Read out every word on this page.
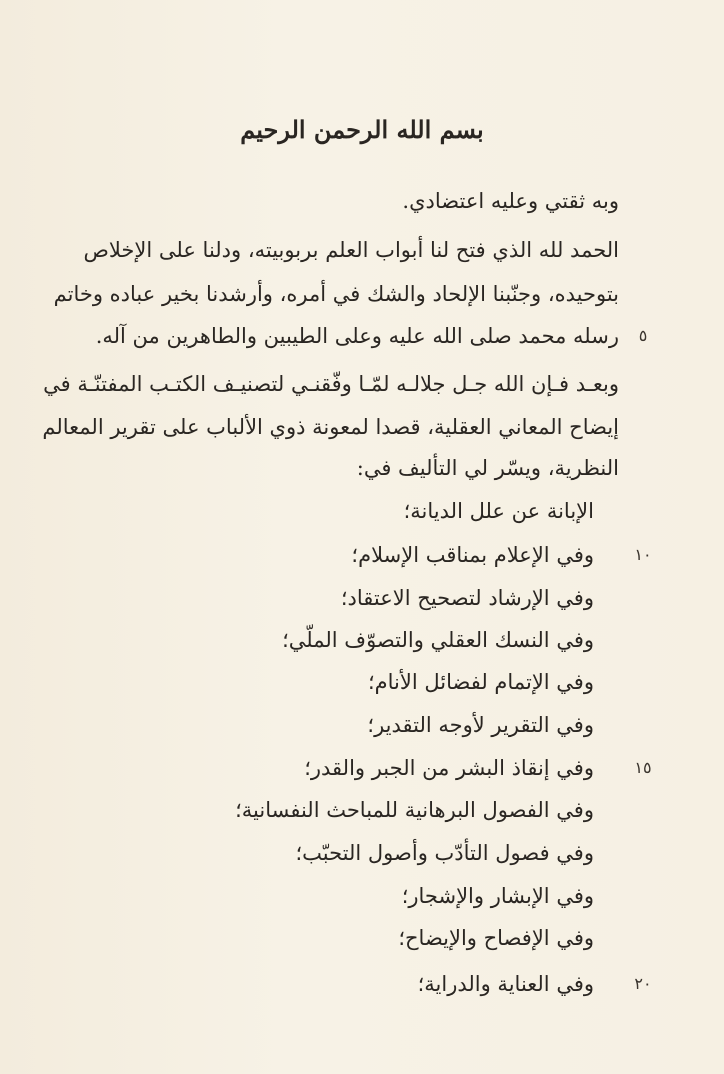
بسم الله الرحمن الرحيم
وبه ثقتي وعليه اعتضادي.
الحمد لله الذي فتح لنا أبواب العلم بربوبيته، ودلنا على الإخلاص
بتوحيده، وجنّبنا الإلحاد والشك في أمره، وأرشدنا بخير عباده وخاتم
رسله محمد صلى الله عليه وعلى الطيبين والطاهرين من آله.
وبعـد فـإن الله جـل جلالـه لمّـا وفّقنـي لتصنيـف الكتـب المفتنّـة في
إيضاح المعاني العقلية، قصدا لمعونة ذوي الألباب على تقرير المعالم
النظرية، ويسّر لي التأليف في:
الإبانة عن علل الديانة؛
وفي الإعلام بمناقب الإسلام؛
وفي الإرشاد لتصحيح الاعتقاد؛
وفي النسك العقلي والتصوّف الملّي؛
وفي الإتمام لفضائل الأنام؛
وفي التقرير لأوجه التقدير؛
وفي إنقاذ البشر من الجبر والقدر؛
وفي الفصول البرهانية للمباحث النفسانية؛
وفي فصول التأدّب وأصول التحبّب؛
وفي الإبشار والإشجار؛
وفي الإفصاح والإيضاح؛
وفي العناية والدراية؛
٥
١٠
١٥
٢٠
